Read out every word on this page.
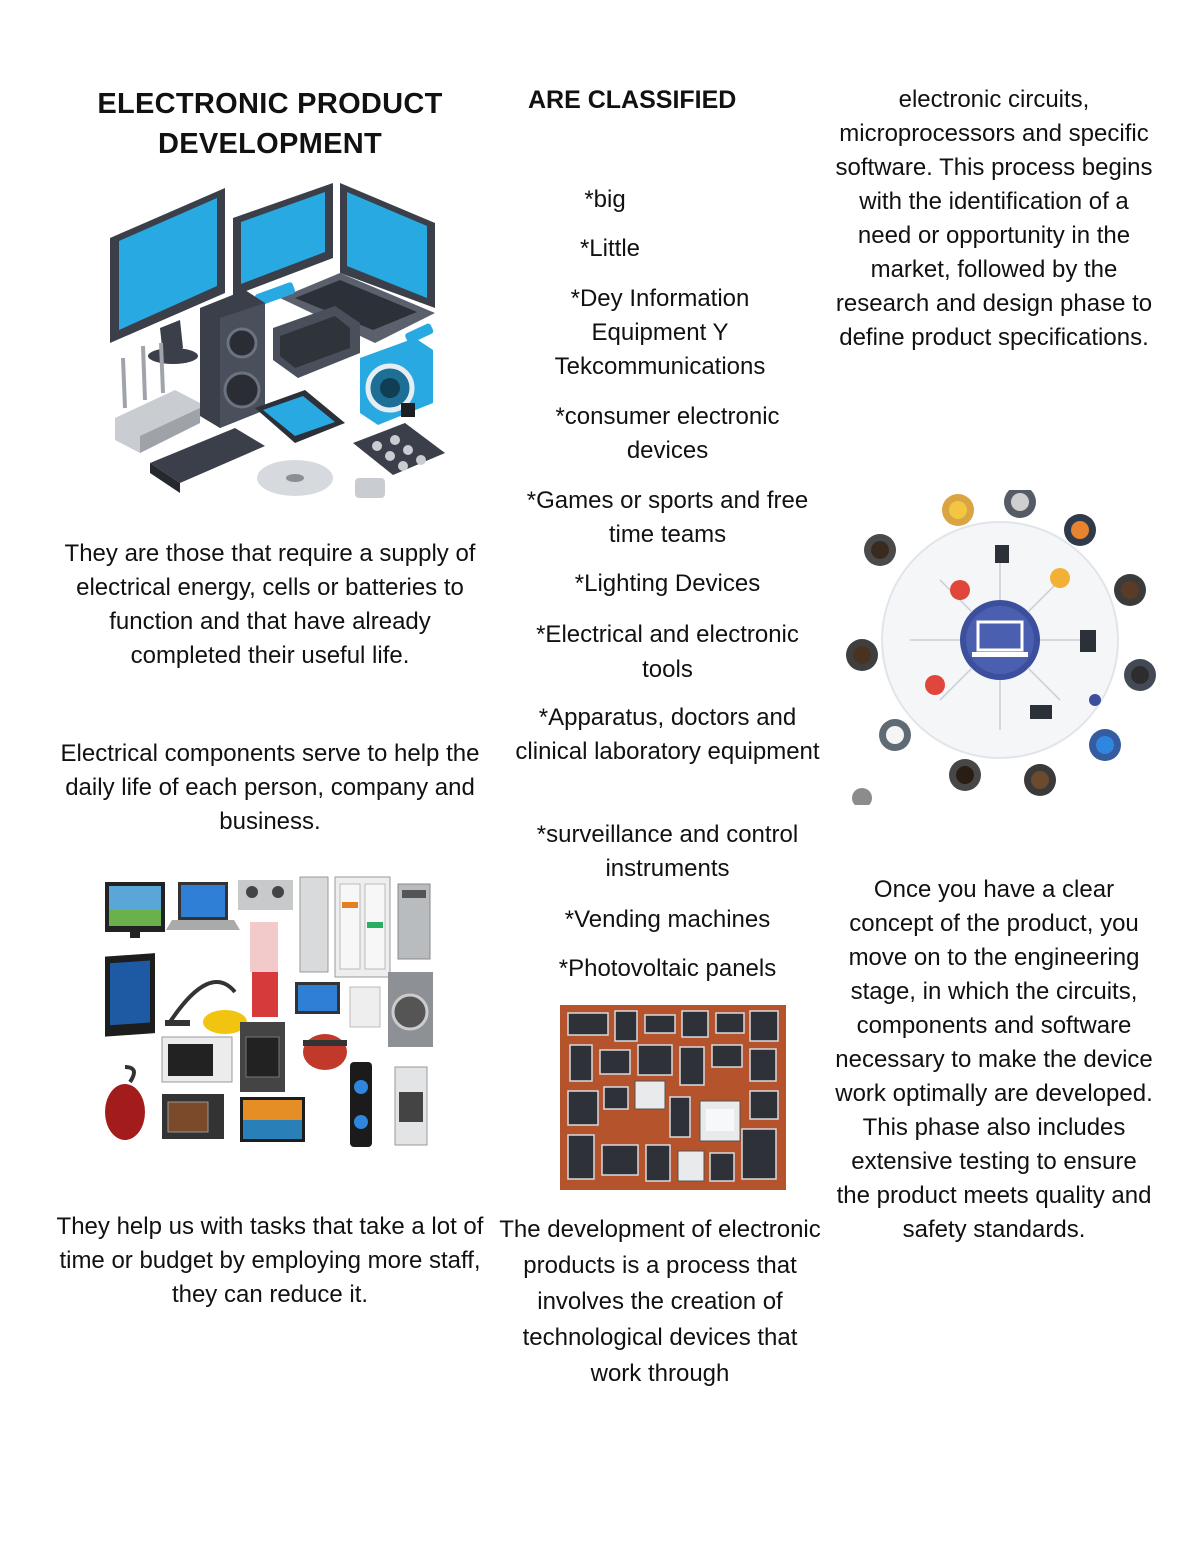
ELECTRONIC PRODUCT DEVELOPMENT
They are those that require a supply of electrical energy, cells or batteries to function and that have already completed their useful life.
Electrical components serve to help the daily life of each person, company and business.
They help us with tasks that take a lot of time or budget by employing more staff, they can reduce it.
ARE CLASSIFIED
*big
*Little
*Dey Information Equipment Y Tekcommunications
*consumer electronic devices
*Games or sports and free time teams
*Lighting Devices
*Electrical and electronic tools
*Apparatus, doctors and clinical laboratory equipment
*surveillance and control instruments
*Vending machines
*Photovoltaic panels
The development of electronic products is a process that involves the creation of technological devices that work through
electronic circuits, microprocessors and specific software. This process begins with the identification of a need or opportunity in the market, followed by the research and design phase to define product specifications.
Once you have a clear concept of the product, you move on to the engineering stage, in which the circuits, components and software necessary to make the device work optimally are developed. This phase also includes extensive testing to ensure the product meets quality and safety standards.
